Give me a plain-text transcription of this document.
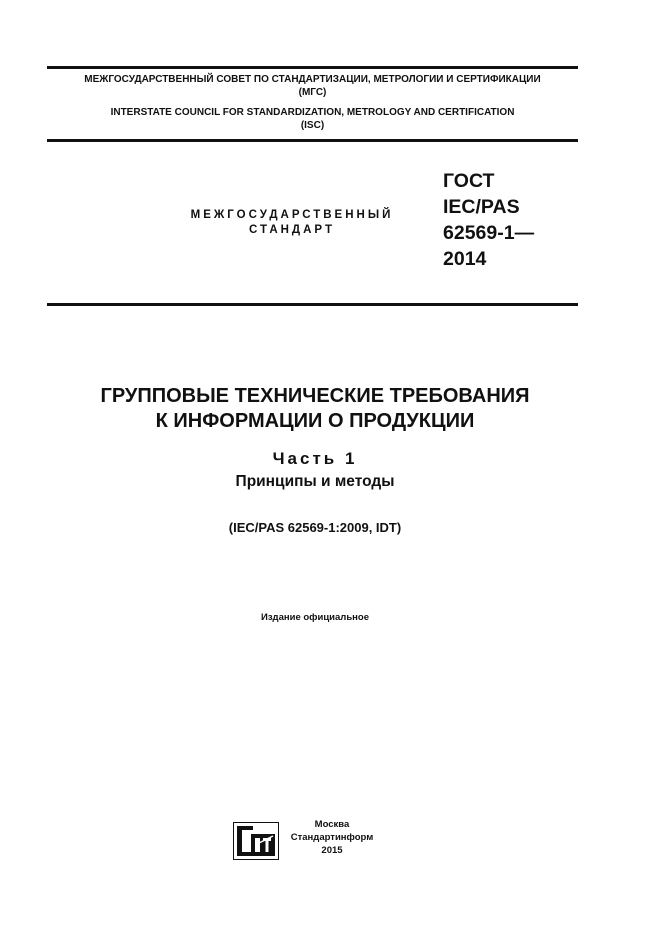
МЕЖГОСУДАРСТВЕННЫЙ СОВЕТ ПО СТАНДАРТИЗАЦИИ, МЕТРОЛОГИИ И СЕРТИФИКАЦИИ
(МГС)
INTERSTATE COUNCIL FOR STANDARDIZATION, METROLOGY AND CERTIFICATION
(ISC)
МЕЖГОСУДАРСТВЕННЫЙ
СТАНДАРТ
ГОСТ
IEC/PAS
62569-1—
2014
ГРУППОВЫЕ ТЕХНИЧЕСКИЕ ТРЕБОВАНИЯ
К ИНФОРМАЦИИ О ПРОДУКЦИИ
Часть 1
Принципы и методы
(IEC/PAS 62569-1:2009, IDT)
Издание официальное
Москва
Стандартинформ
2015
